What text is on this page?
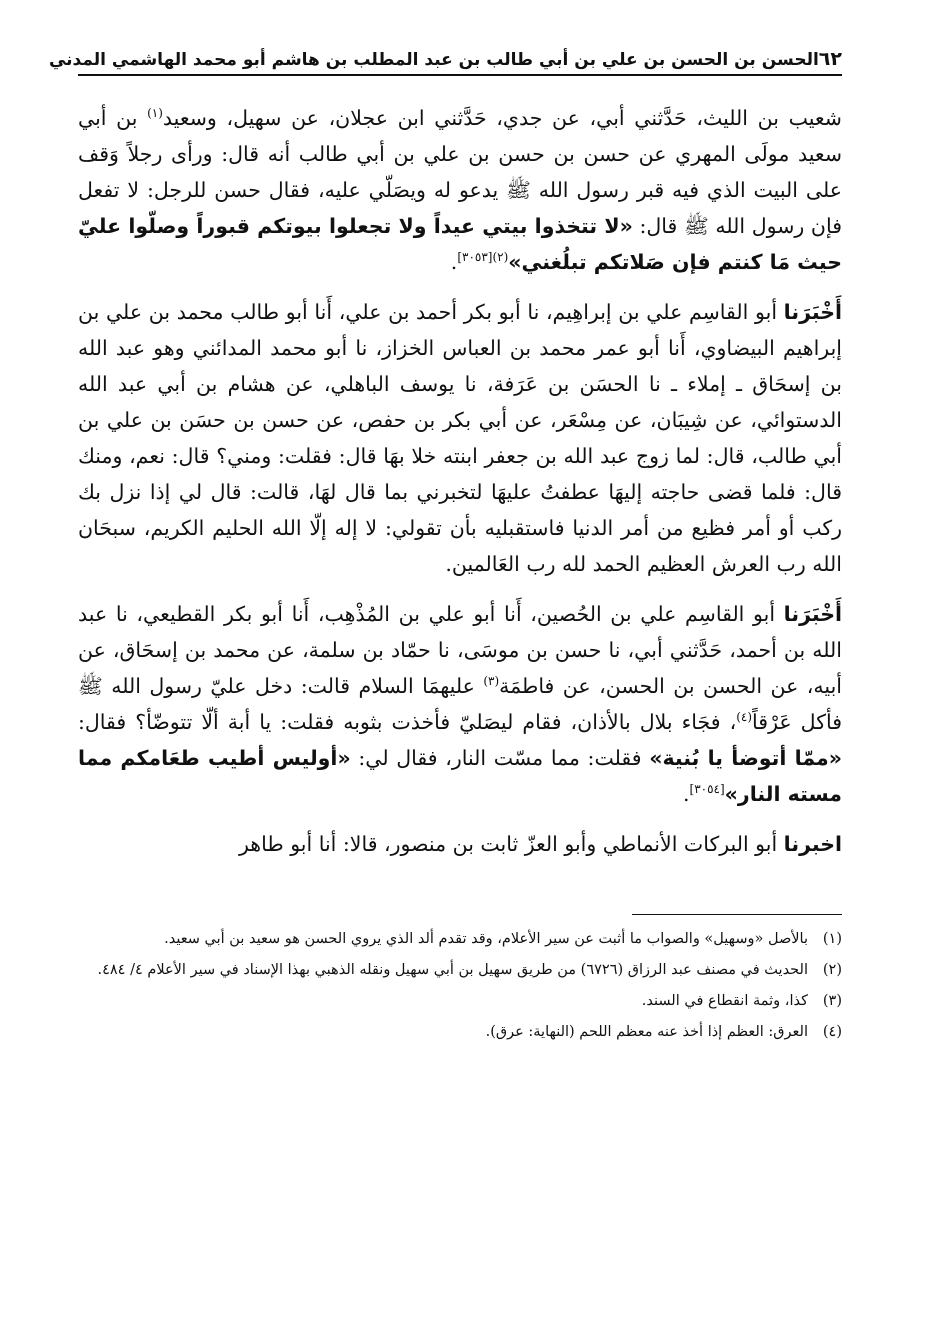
٦٢
الحسن بن الحسن بن علي بن أبي طالب بن عبد المطلب بن هاشم أبو محمد الهاشمي المدني

شعيب بن الليث، حَدَّثني أبي، عن جدي، حَدَّثني ابن عجلان، عن سهيل، وسعيد$^{(١)}$ بن أبي سعيد مولَى المهري عن حسن بن حسن بن علي بن أبي طالب أنه قال: ورأى رجلاً وَقف على البيت الذي فيه قبر رسول الله ﷺ يدعو له ويصَلّي عليه، فقال حسن للرجل: لا تفعل فإن رسول الله ﷺ قال: «لا تتخذوا بيتي عيداً ولا تجعلوا بيوتكم قبوراً وصلّوا عليّ حيث مَا كنتم فإن صَلاتكم تبلُغني»$^{(٢)[٣٠٥٣]}$.

أَخْبَرَنا أبو القاسِم علي بن إبراهِيم، نا أبو بكر أحمد بن علي، أَنا أبو طالب محمد بن علي بن إبراهيم البيضاوي، أَنا أبو عمر محمد بن العباس الخزاز، نا أبو محمد المدائني وهو عبد الله بن إسحَاق ـ إملاء ـ نا الحسَن بن عَرَفة، نا يوسف الباهلي، عن هشام بن أبي عبد الله الدستوائي، عن شِيبَان، عن مِسْعَر، عن أبي بكر بن حفص، عن حسن بن حسَن بن علي بن أبي طالب، قال: لما زوج عبد الله بن جعفر ابنته خلا بهَا قال: فقلت: ومني؟ قال: نعم، ومنك قال: فلما قضى حاجته إليهَا عطفتُ عليهَا لتخبرني بما قال لهَا، قالت: قال لي إذا نزل بك ركب أو أمر فظيع من أمر الدنيا فاستقبليه بأن تقولي: لا إله إلّا الله الحليم الكريم، سبحَان الله رب العرش العظيم الحمد لله رب العَالمين.

أَخْبَرَنا أبو القاسِم علي بن الحُصين، أَنا أبو علي بن المُذْهِب، أَنا أبو بكر القطيعي، نا عبد الله بن أحمد، حَدَّثني أبي، نا حسن بن موسَى، نا حمّاد بن سلمة، عن محمد بن إسحَاق، عن أبيه، عن الحسن بن الحسن، عن فاطمَة$^{(٣)}$ عليهمَا السلام قالت: دخل عليّ رسول الله ﷺ فأكل عَرْقاً$^{(٤)}$، فجَاء بلال بالأذان، فقام ليصَليّ فأخذت بثوبه فقلت: يا أبة ألّا تتوضّأ؟ فقال: «ممّا أتوضأ يا بُنية» فقلت: مما مسّت النار، فقال لي: «أوليس أطيب طعَامكم مما مسته النار»[٣٠٥٤].

اخبرنا أبو البركات الأنماطي وأبو العزّ ثابت بن منصور، قالا: أنا أبو طاهر

(١)
بالأصل «وسهيل» والصواب ما أثبت عن سير الأعلام، وقد تقدم ألد الذي يروي الحسن هو سعيد بن أبي سعيد.
(٢)
الحديث في مصنف عبد الرزاق (٦٧٢٦) من طريق سهيل بن أبي سهيل ونقله الذهبي بهذا الإسناد في سير الأعلام ٤/ ٤٨٤.
(٣)
كذا، وثمة انقطاع في السند.
(٤)
العرق: العظم إذا أخذ عنه معظم اللحم (النهاية: عرق).
